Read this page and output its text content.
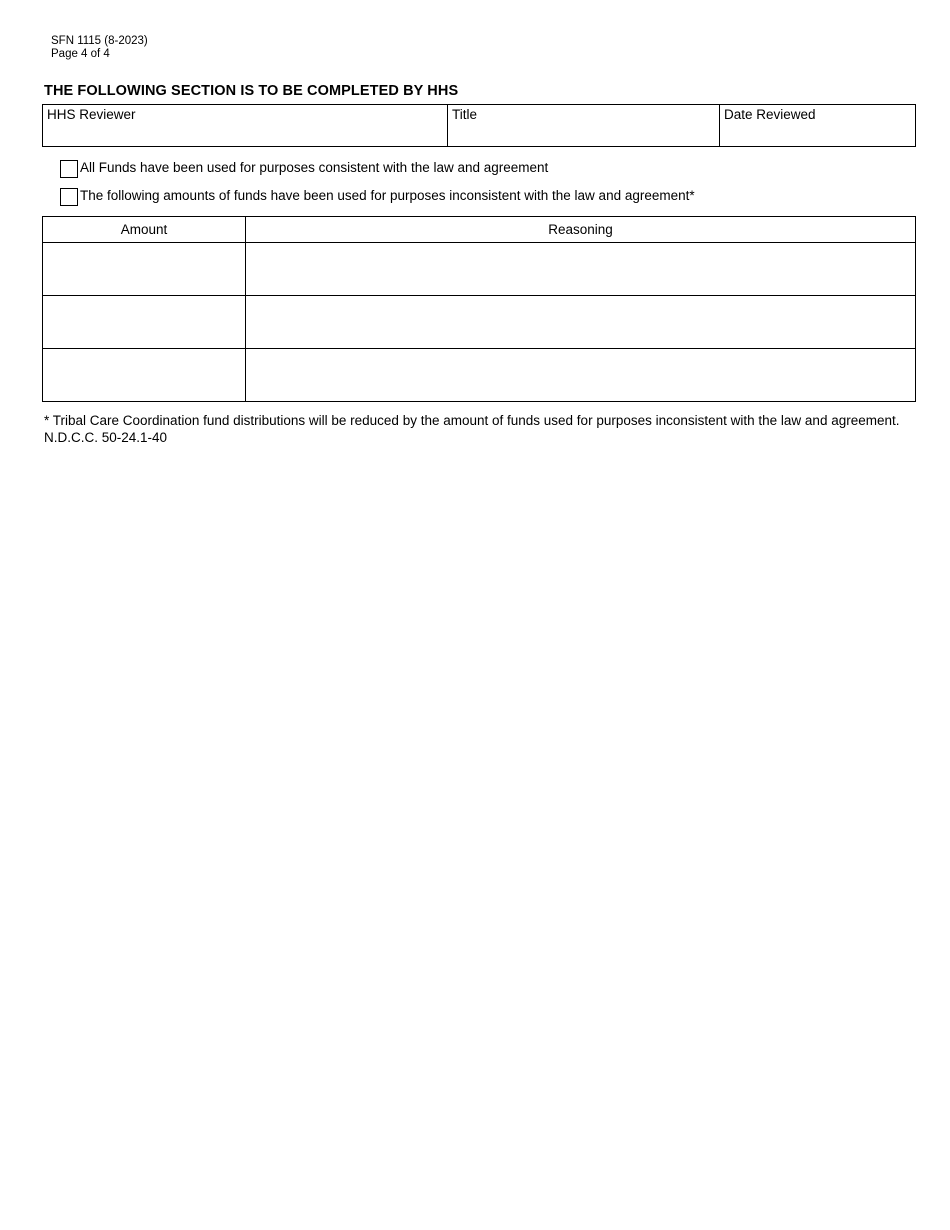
SFN 1115 (8-2023)
Page 4 of 4
THE FOLLOWING SECTION IS TO BE COMPLETED BY HHS
HHS Reviewer	Title	Date Reviewed
All Funds have been used for purposes consistent with the law and agreement
The following amounts of funds have been used for purposes inconsistent with the law and agreement*
Amount	Reasoning

* Tribal Care Coordination fund distributions will be reduced by the amount of funds used for purposes inconsistent with the law and agreement. N.D.C.C. 50-24.1-40
